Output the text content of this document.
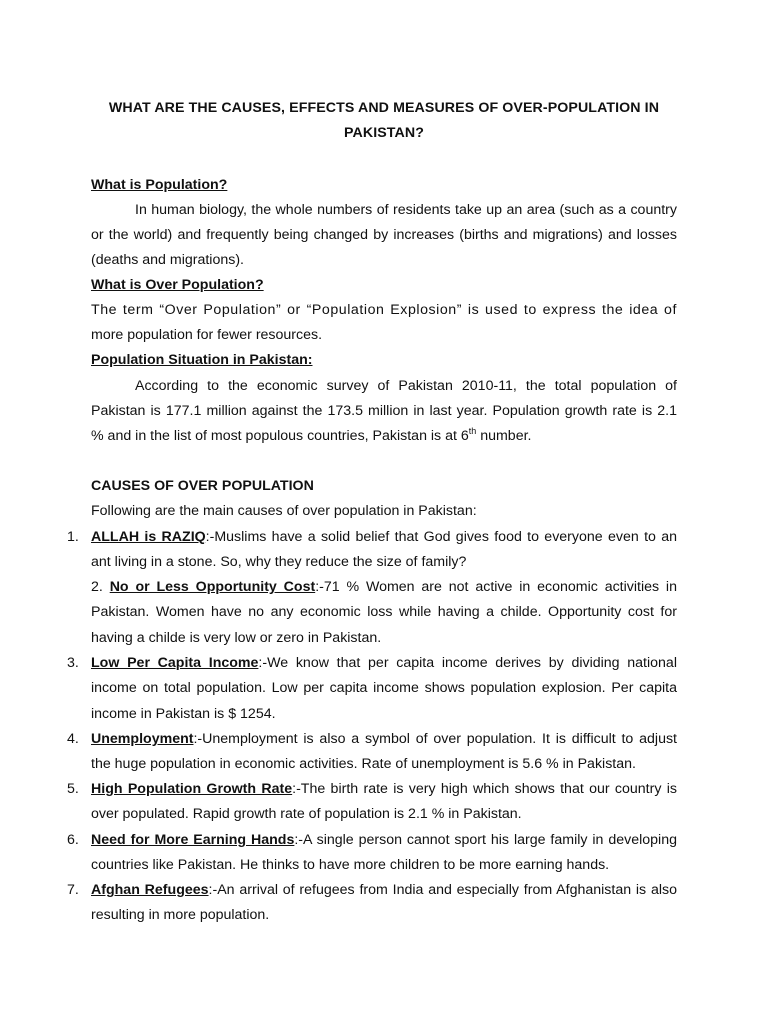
WHAT ARE THE CAUSES, EFFECTS AND MEASURES OF OVER-POPULATION IN
PAKISTAN?
What is Population?
In human biology, the whole numbers of residents take up an area (such as a country
or the world) and frequently being changed by increases (births and migrations) and losses
(deaths and migrations).
What is Over Population?
The term “Over Population” or “Population Explosion” is used to express the idea of
more population for fewer resources.
Population Situation in Pakistan:
According to the economic survey of Pakistan 2010-11, the total population of
Pakistan is 177.1 million against the 173.5 million in last year. Population growth rate is 2.1
% and in the list of most populous countries, Pakistan is at 6th number.
CAUSES OF OVER POPULATION
Following are the main causes of over population in Pakistan:
1. ALLAH is RAZIQ:-Muslims have a solid belief that God gives food to everyone even to an
ant living in a stone. So, why they reduce the size of family?
2. No or Less Opportunity Cost:-71 % Women are not active in economic activities in
Pakistan. Women have no any economic loss while having a childe. Opportunity cost for
having a childe is very low or zero in Pakistan.
3. Low Per Capita Income:-We know that per capita income derives by dividing national
income on total population. Low per capita income shows population explosion. Per capita
income in Pakistan is $ 1254.
4. Unemployment:-Unemployment is also a symbol of over population. It is difficult to adjust
the huge population in economic activities. Rate of unemployment is 5.6 % in Pakistan.
5. High Population Growth Rate:-The birth rate is very high which shows that our country is
over populated. Rapid growth rate of population is 2.1 % in Pakistan.
6. Need for More Earning Hands:-A single person cannot sport his large family in developing
countries like Pakistan. He thinks to have more children to be more earning hands.
7. Afghan Refugees:-An arrival of refugees from India and especially from Afghanistan is also
resulting in more population.
